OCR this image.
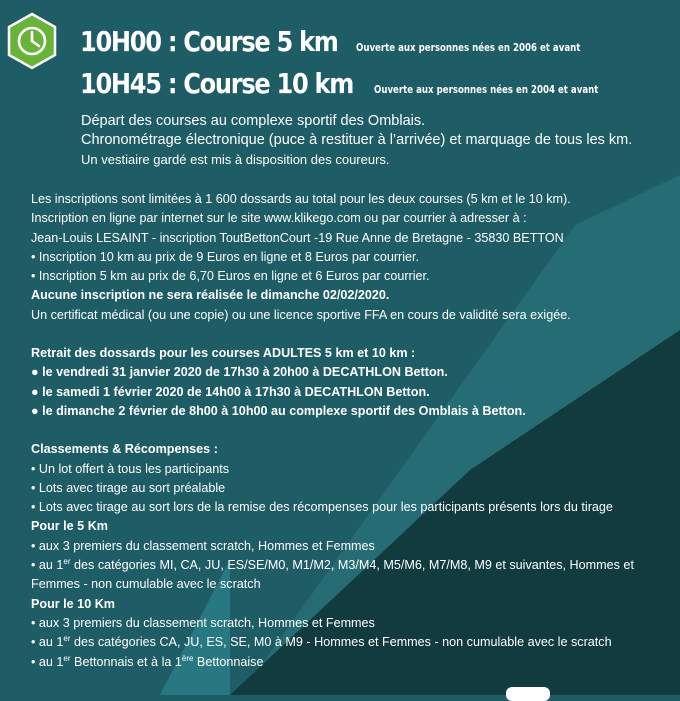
10H00 : Course 5 km Ouverte aux personnes nées en 2006 et avant
10H45 : Course 10 km Ouverte aux personnes nées en 2004 et avant
Départ des courses au complexe sportif des Omblais.
Chronométrage électronique (puce à restituer à l’arrivée) et marquage de tous les km.
Un vestiaire gardé est mis à disposition des coureurs.

Les inscriptions sont limitées à 1 600 dossards au total pour les deux courses (5 km et le 10 km).

Inscription en ligne par internet sur le site www.klikego.com ou par courrier à adresser à :

Jean-Louis LESAINT - inscription ToutBettonCourt -19 Rue Anne de Bretagne - 35830 BETTON

• Inscription 10 km au prix de 9 Euros en ligne et 8 Euros par courrier.

• Inscription 5 km au prix de 6,70 Euros en ligne et 6 Euros par courrier.

Aucune inscription ne sera réalisée le dimanche 02/02/2020.

Un certificat médical (ou une copie) ou une licence sportive FFA en cours de validité sera exigée.

Retrait des dossards pour les courses ADULTES 5 km et 10 km :

● le vendredi 31 janvier 2020 de 17h30 à 20h00 à DECATHLON Betton.

● le samedi 1 février 2020 de 14h00 à 17h30 à DECATHLON Betton.

● le dimanche 2 février de 8h00 à 10h00 au complexe sportif des Omblais à Betton.

Classements & Récompenses :

• Un lot offert à tous les participants

• Lots avec tirage au sort préalable

• Lots avec tirage au sort lors de la remise des récompenses pour les participants présents lors du tirage

Pour le 5 Km

• aux 3 premiers du classement scratch, Hommes et Femmes

• au 1er des catégories MI, CA, JU, ES/SE/M0, M1/M2, M3/M4, M5/M6, M7/M8, M9 et suivantes, Hommes et Femmes - non cumulable avec le scratch

Pour le 10 Km

• aux 3 premiers du classement scratch, Hommes et Femmes

• au 1er des catégories CA, JU, ES, SE, M0 à M9 - Hommes et Femmes - non cumulable avec le scratch

• au 1er Bettonnais et à la 1ère Bettonnaise
